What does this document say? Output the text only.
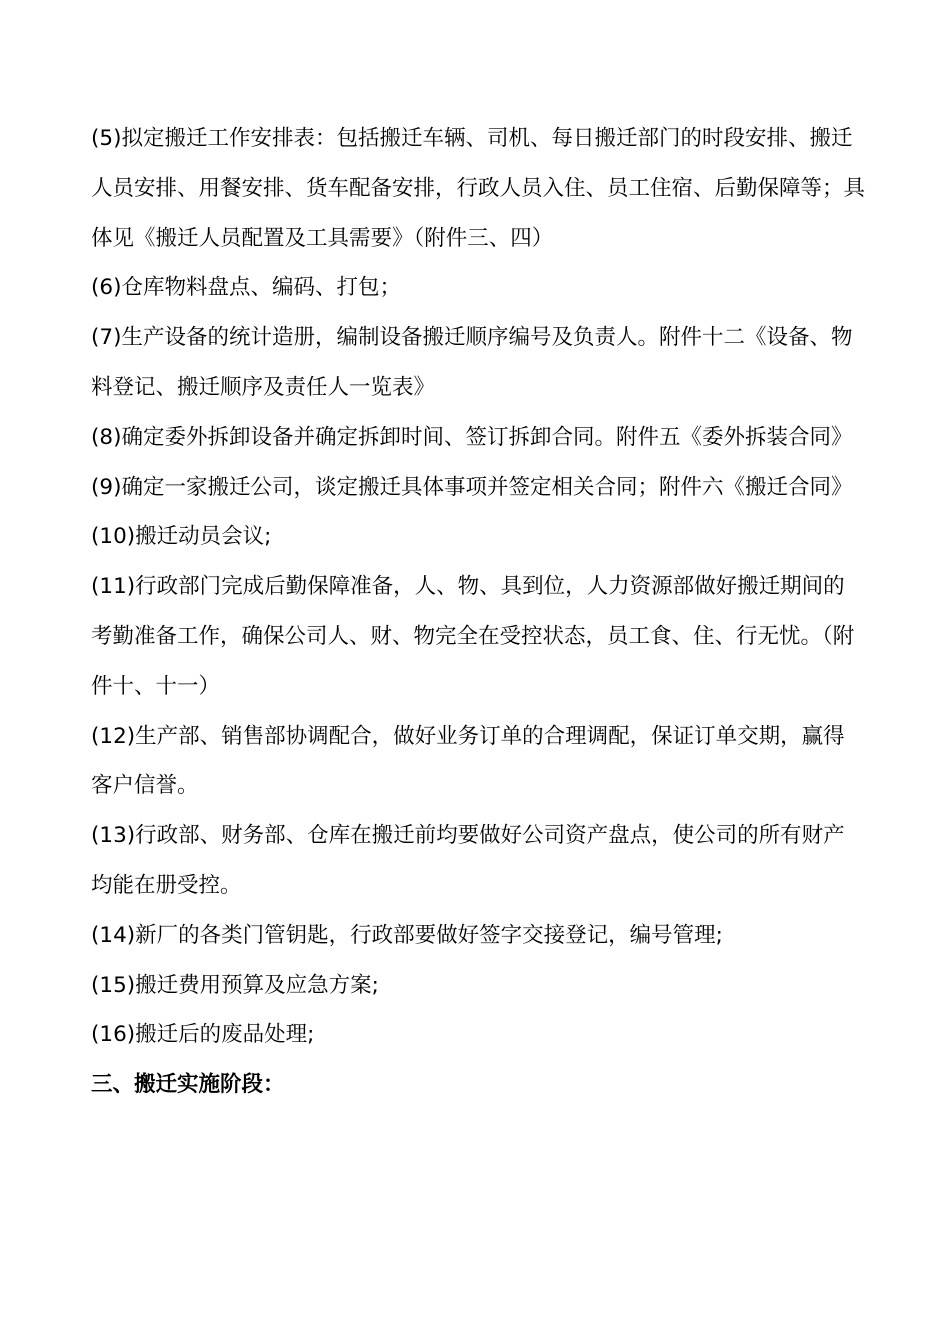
(5)拟定搬迁工作安排表：包括搬迁车辆、司机、每日搬迁部门的时段安排、搬迁人员安排、用餐安排、货车配备安排，行政人员入住、员工住宿、后勤保障等；具体见《搬迁人员配置及工具需要》（附件三、四）

(6)仓库物料盘点、编码、打包；

(7)生产设备的统计造册，编制设备搬迁顺序编号及负责人。附件十二《设备、物料登记、搬迁顺序及责任人一览表》

(8)确定委外拆卸设备并确定拆卸时间、签订拆卸合同。附件五《委外拆装合同》

(9)确定一家搬迁公司，谈定搬迁具体事项并签定相关合同；附件六《搬迁合同》

(10)搬迁动员会议;

(11)行政部门完成后勤保障准备，人、物、具到位，人力资源部做好搬迁期间的考勤准备工作，确保公司人、财、物完全在受控状态，员工食、住、行无忧。（附件十、十一）

(12)生产部、销售部协调配合，做好业务订单的合理调配，保证订单交期，赢得客户信誉。

(13)行政部、财务部、仓库在搬迁前均要做好公司资产盘点，使公司的所有财产均能在册受控。

(14)新厂的各类门管钥匙，行政部要做好签字交接登记，编号管理;

(15)搬迁费用预算及应急方案;

(16)搬迁后的废品处理;

三、搬迁实施阶段：
